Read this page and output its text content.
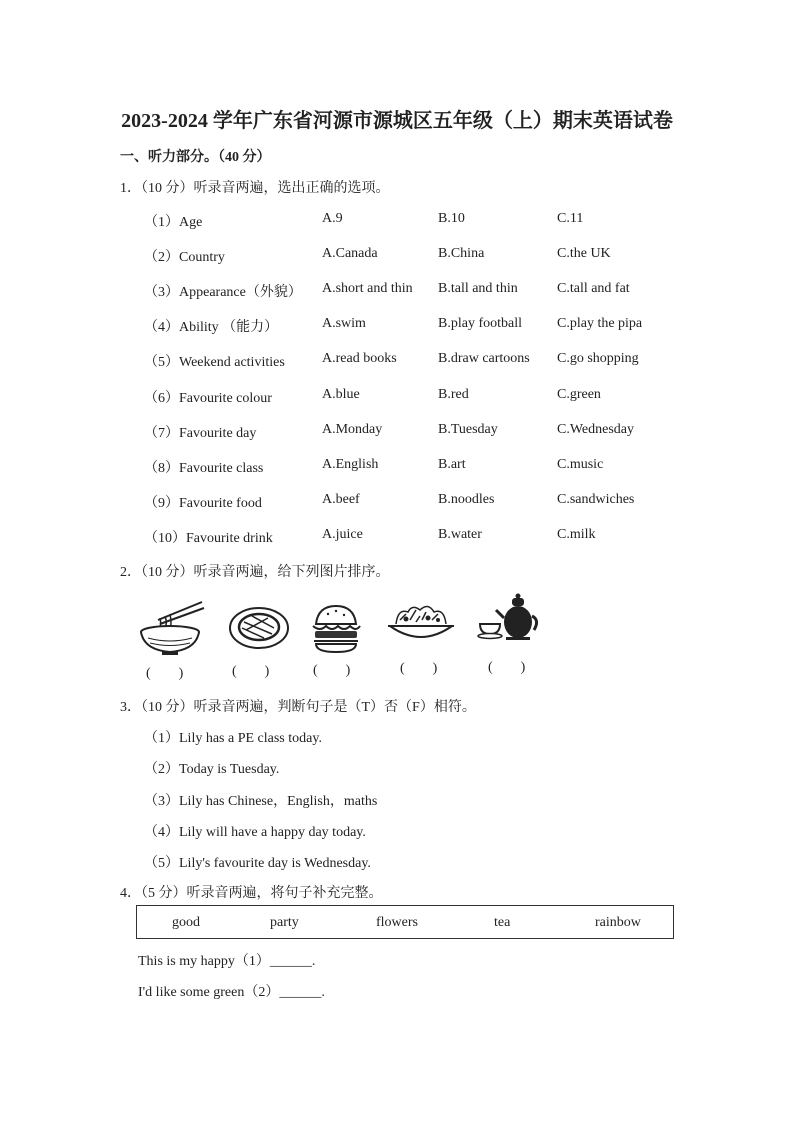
2023-2024 学年广东省河源市源城区五年级（上）期末英语试卷
一、听力部分。（40 分）
1．（10 分）听录音两遍，选出正确的选项。
（1）Age	A.9	B.10	C.11
（2）Country	A.Canada	B.China	C.the UK
（3）Appearance（外貌） A.short and thin B.tall and thin	C.tall and fat
（4）Ability （能力）	A.swim	B.play football	C.play the pipa
（5）Weekend activities	A.read books	B.draw cartoons C.go shopping
（6）Favourite colour	A.blue	B.red	C.green
（7）Favourite day	A.Monday	B.Tuesday	C.Wednesday
（8）Favourite class	A.English	B.art	C.music
（9）Favourite food	A.beef	B.noodles	C.sandwiches
（10）Favourite drink	A.juice	B.water	C.milk
2．（10 分）听录音两遍，给下列图片排序。
(　　)	(　　)	(　　)	(　　)	(　　)
3．（10 分）听录音两遍，判断句子是（T）否（F）相符。
（1）Lily has a PE class today.
（2）Today is Tuesday.
（3）Lily has Chinese，English，maths
（4）Lily will have a happy day today.
（5）Lily's favourite day is Wednesday.
4．（5 分）听录音两遍，将句子补充完整。
good	party	flowers	tea	rainbow
This is my happy（1）______.
I'd like some green（2）______.
